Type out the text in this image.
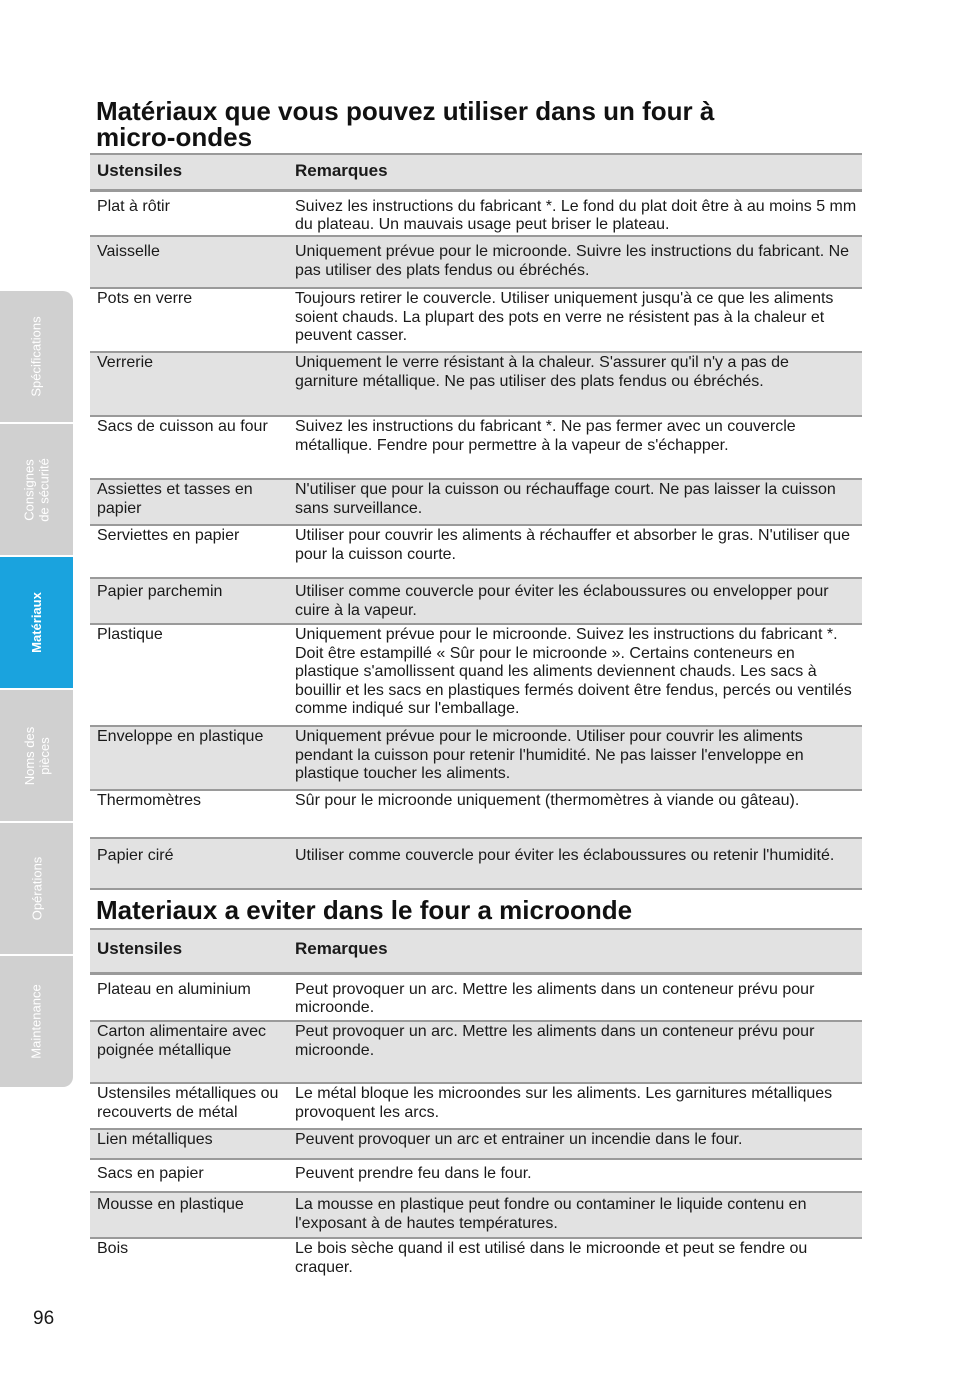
Spécifications
Consignes de sécurité
Matériaux
Noms des pièces
Opérations
Maintenance
Matériaux que vous pouvez utiliser dans un four à
micro-ondes
Ustensiles	Remarques
Plat à rôtir	Suivez les instructions du fabricant *. Le fond du plat doit être à au moins 5 mm du plateau. Un mauvais usage peut briser le plateau.

Vaisselle	Uniquement prévue pour le microonde. Suivre les instructions du fabricant. Ne pas utiliser des plats fendus ou ébréchés.
Pots en verre	Toujours retirer le couvercle. Utiliser uniquement jusqu'à ce que les aliments soient chauds. La plupart des pots en verre ne résistent pas à la chaleur et peuvent casser.
Verrerie	Uniquement le verre résistant à la chaleur. S'assurer qu'il n'y a pas de garniture métallique. Ne pas utiliser des plats fendus ou ébréchés.
Sacs de cuisson au four	Suivez les instructions du fabricant *. Ne pas fermer avec un couvercle métallique. Fendre pour permettre à la vapeur de s'échapper.
Assiettes et tasses en papier	N'utiliser que pour la cuisson ou réchauffage court. Ne pas laisser la cuisson sans surveillance.
Serviettes en papier	Utiliser pour couvrir les aliments à réchauffer et absorber le gras. N'utiliser que pour la cuisson courte.
Papier parchemin	Utiliser comme couvercle pour éviter les éclaboussures ou envelopper pour cuire à la vapeur.
Plastique	Uniquement prévue pour le microonde. Suivez les instructions du fabricant *. Doit être estampillé « Sûr pour le microonde ». Certains conteneurs en plastique s'amollissent quand les aliments deviennent chauds. Les sacs à bouillir et les sacs en plastiques fermés doivent être fendus, percés ou ventilés comme indiqué sur l'emballage.
Enveloppe en plastique	Uniquement prévue pour le microonde. Utiliser pour couvrir les aliments pendant la cuisson pour retenir l'humidité. Ne pas laisser l'enveloppe en plastique toucher les aliments.
Thermomètres	Sûr pour le microonde uniquement (thermomètres à viande ou gâteau).
Papier ciré	Utiliser comme couvercle pour éviter les éclaboussures ou retenir l'humidité.
Materiaux a eviter dans le four a microonde
Ustensiles	Remarques
Plateau en aluminium	Peut provoquer un arc. Mettre les aliments dans un conteneur prévu pour microonde.
Carton alimentaire avec poignée métallique	Peut provoquer un arc. Mettre les aliments dans un conteneur prévu pour microonde.
Ustensiles métalliques ou recouverts de métal	Le métal bloque les microondes sur les aliments. Les garnitures métalliques provoquent les arcs.
Lien métalliques	Peuvent provoquer un arc et entrainer un incendie dans le four.
Sacs en papier	Peuvent prendre feu dans le four.
Mousse en plastique	La mousse en plastique peut fondre ou contaminer le liquide contenu en l'exposant à de hautes températures.
Bois	Le bois sèche quand il est utilisé dans le microonde et peut se fendre ou craquer.
96
